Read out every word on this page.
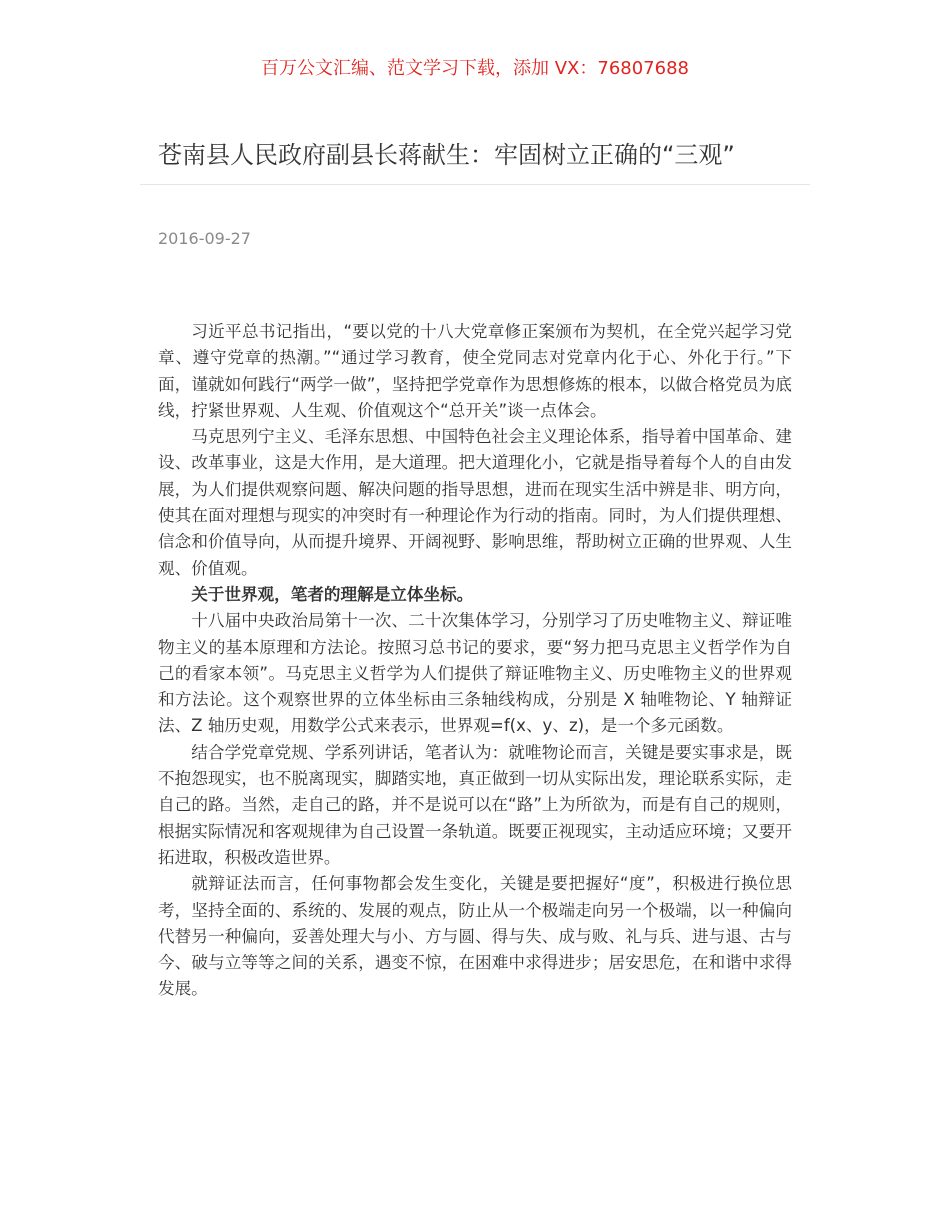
百万公文汇编、范文学习下载，添加 VX：76807688
苍南县人民政府副县长蒋献生：牢固树立正确的“三观”
2016-09-27

习近平总书记指出，“要以党的十八大党章修正案颁布为契机，在全党兴起学习党章、遵守党章的热潮。”“通过学习教育，使全党同志对党章内化于心、外化于行。”下面，谨就如何践行“两学一做”，坚持把学党章作为思想修炼的根本，以做合格党员为底线，拧紧世界观、人生观、价值观这个“总开关”谈一点体会。

马克思列宁主义、毛泽东思想、中国特色社会主义理论体系，指导着中国革命、建设、改革事业，这是大作用，是大道理。把大道理化小，它就是指导着每个人的自由发展，为人们提供观察问题、解决问题的指导思想，进而在现实生活中辨是非、明方向，使其在面对理想与现实的冲突时有一种理论作为行动的指南。同时，为人们提供理想、信念和价值导向，从而提升境界、开阔视野、影响思维，帮助树立正确的世界观、人生观、价值观。

关于世界观，笔者的理解是立体坐标。

十八届中央政治局第十一次、二十次集体学习，分别学习了历史唯物主义、辩证唯物主义的基本原理和方法论。按照习总书记的要求，要“努力把马克思主义哲学作为自己的看家本领”。马克思主义哲学为人们提供了辩证唯物主义、历史唯物主义的世界观和方法论。这个观察世界的立体坐标由三条轴线构成，分别是 X 轴唯物论、Y 轴辩证法、Z 轴历史观，用数学公式来表示，世界观=f(x、y、z)，是一个多元函数。

结合学党章党规、学系列讲话，笔者认为：就唯物论而言，关键是要实事求是，既不抱怨现实，也不脱离现实，脚踏实地，真正做到一切从实际出发，理论联系实际，走自己的路。当然，走自己的路，并不是说可以在“路”上为所欲为，而是有自己的规则，根据实际情况和客观规律为自己设置一条轨道。既要正视现实，主动适应环境；又要开拓进取，积极改造世界。

就辩证法而言，任何事物都会发生变化，关键是要把握好“度”，积极进行换位思考，坚持全面的、系统的、发展的观点，防止从一个极端走向另一个极端，以一种偏向代替另一种偏向，妥善处理大与小、方与圆、得与失、成与败、礼与兵、进与退、古与今、破与立等等之间的关系，遇变不惊，在困难中求得进步；居安思危，在和谐中求得发展。
